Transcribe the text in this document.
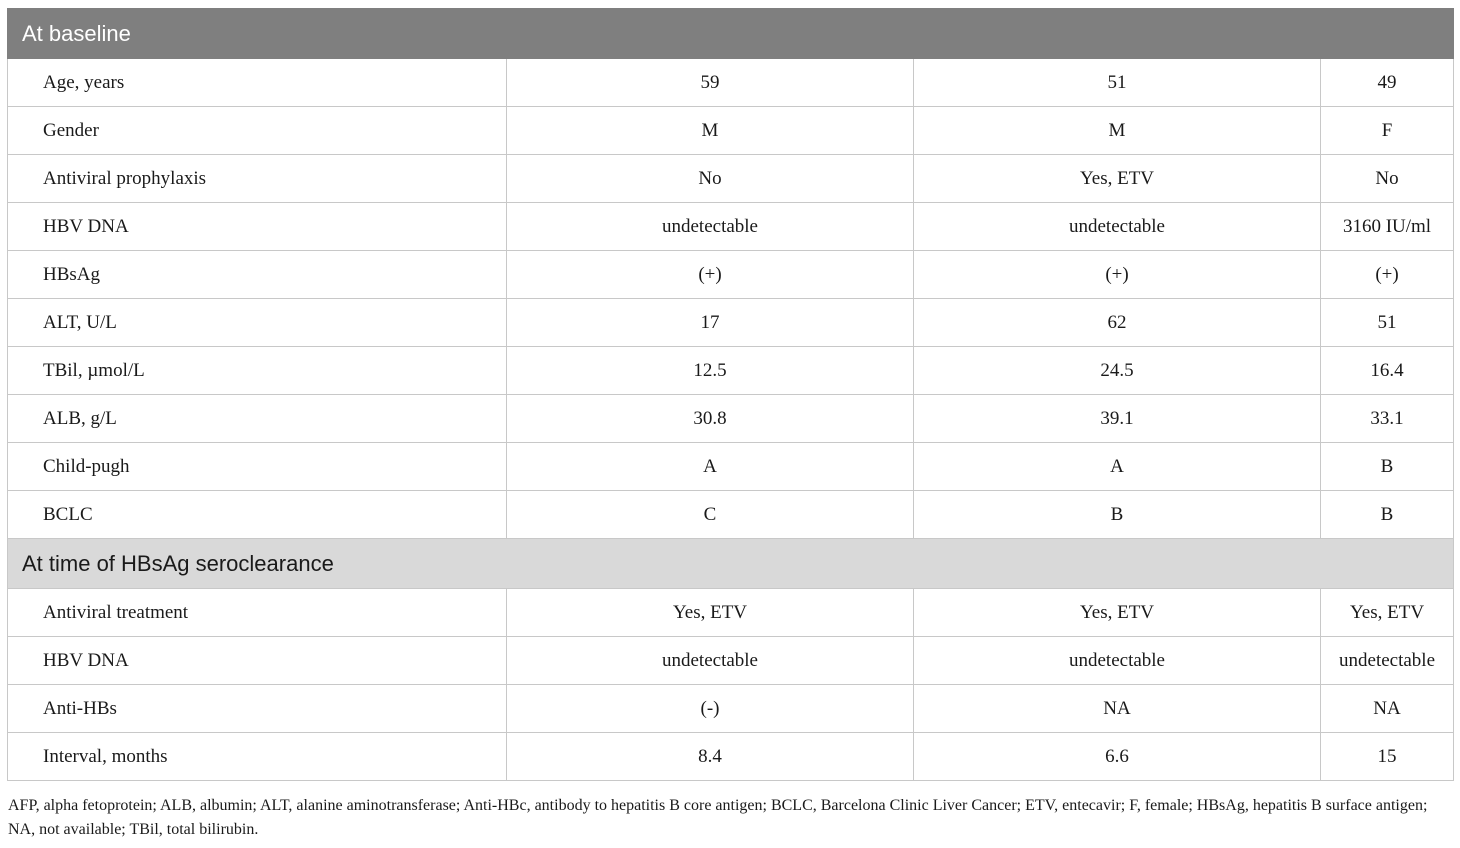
At baseline			
Age, years	59	51	49
Gender	M	M	F
Antiviral prophylaxis	No	Yes, ETV	No
HBV DNA	undetectable	undetectable	3160 IU/ml
HBsAg	(+)	(+)	(+)
ALT, U/L	17	62	51
TBil, µmol/L	12.5	24.5	16.4
ALB, g/L	30.8	39.1	33.1
Child-pugh	A	A	B
BCLC	C	B	B
At time of HBsAg seroclearance			
Antiviral treatment	Yes, ETV	Yes, ETV	Yes, ETV
HBV DNA	undetectable	undetectable	undetectable
Anti-HBs	(-)	NA	NA
Interval, months	8.4	6.6	15

AFP, alpha fetoprotein; ALB, albumin; ALT, alanine aminotransferase; Anti-HBc, antibody to hepatitis B core antigen; BCLC, Barcelona Clinic Liver Cancer; ETV, entecavir; F, female; HBsAg, hepatitis B surface antigen; NA, not available; TBil, total bilirubin.
